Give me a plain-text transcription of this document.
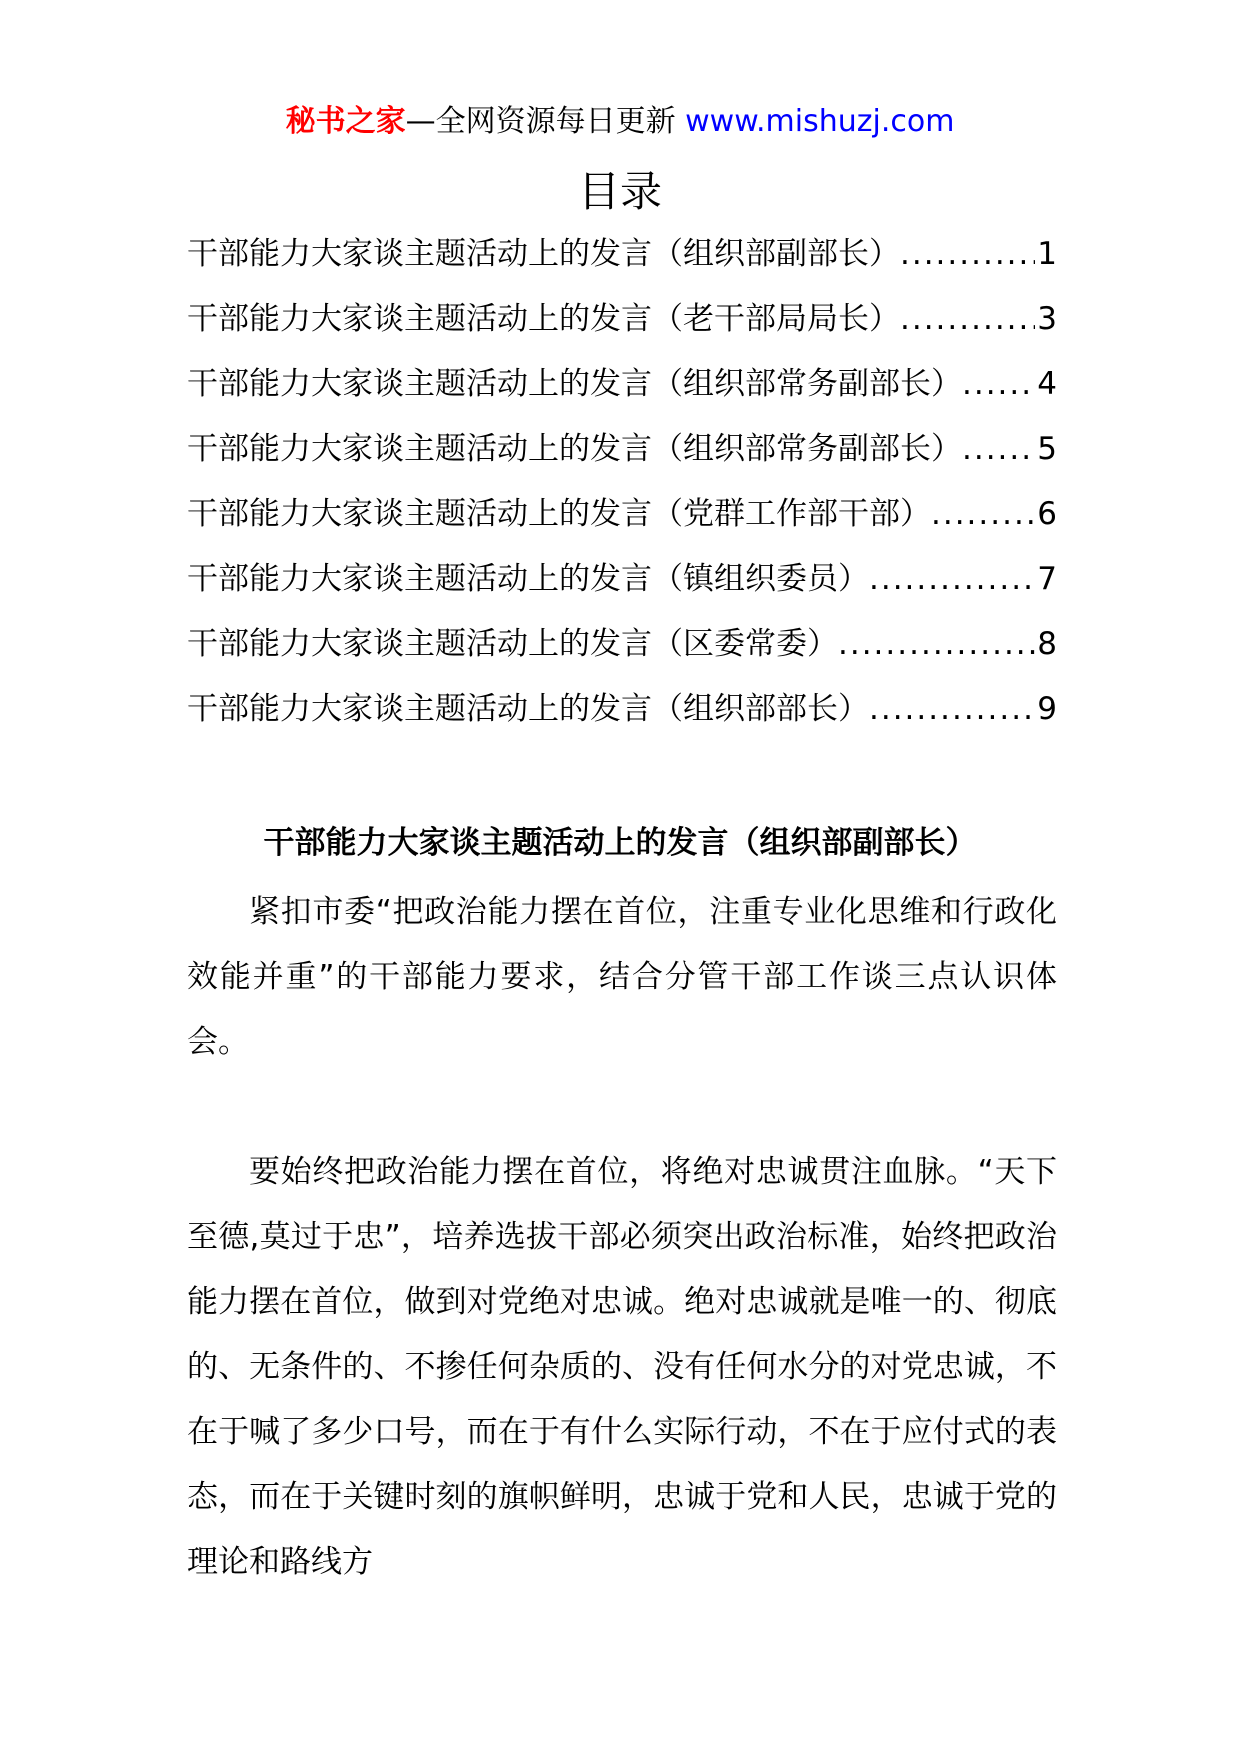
秘书之家—全网资源每日更新 www.mishuzj.com
目录
干部能力大家谈主题活动上的发言（组织部副部长） .....	1
干部能力大家谈主题活动上的发言（老干部局局长） .....	3
干部能力大家谈主题活动上的发言（组织部常务副部长） ..... 4
干部能力大家谈主题活动上的发言（组织部常务副部长） ..... 5
干部能力大家谈主题活动上的发言（党群工作部干部） .....	6
干部能力大家谈主题活动上的发言（镇组织委员） .....	7
干部能力大家谈主题活动上的发言（区委常委） .....	8
干部能力大家谈主题活动上的发言（组织部部长） .....	9
干部能力大家谈主题活动上的发言（组织部副部长）

紧扣市委“把政治能力摆在首位，注重专业化思维和行政化效能并重”的干部能力要求，结合分管干部工作谈三点认识体会。

要始终把政治能力摆在首位，将绝对忠诚贯注血脉。“天下至德,莫过于忠”，培养选拔干部必须突出政治标准，始终把政治能力摆在首位，做到对党绝对忠诚。绝对忠诚就是唯一的、彻底的、无条件的、不掺任何杂质的、没有任何水分的对党忠诚，不在于喊了多少口号，而在于有什么实际行动，不在于应付式的表态，而在于关键时刻的旗帜鲜明，忠诚于党和人民，忠诚于党的理论和路线方
